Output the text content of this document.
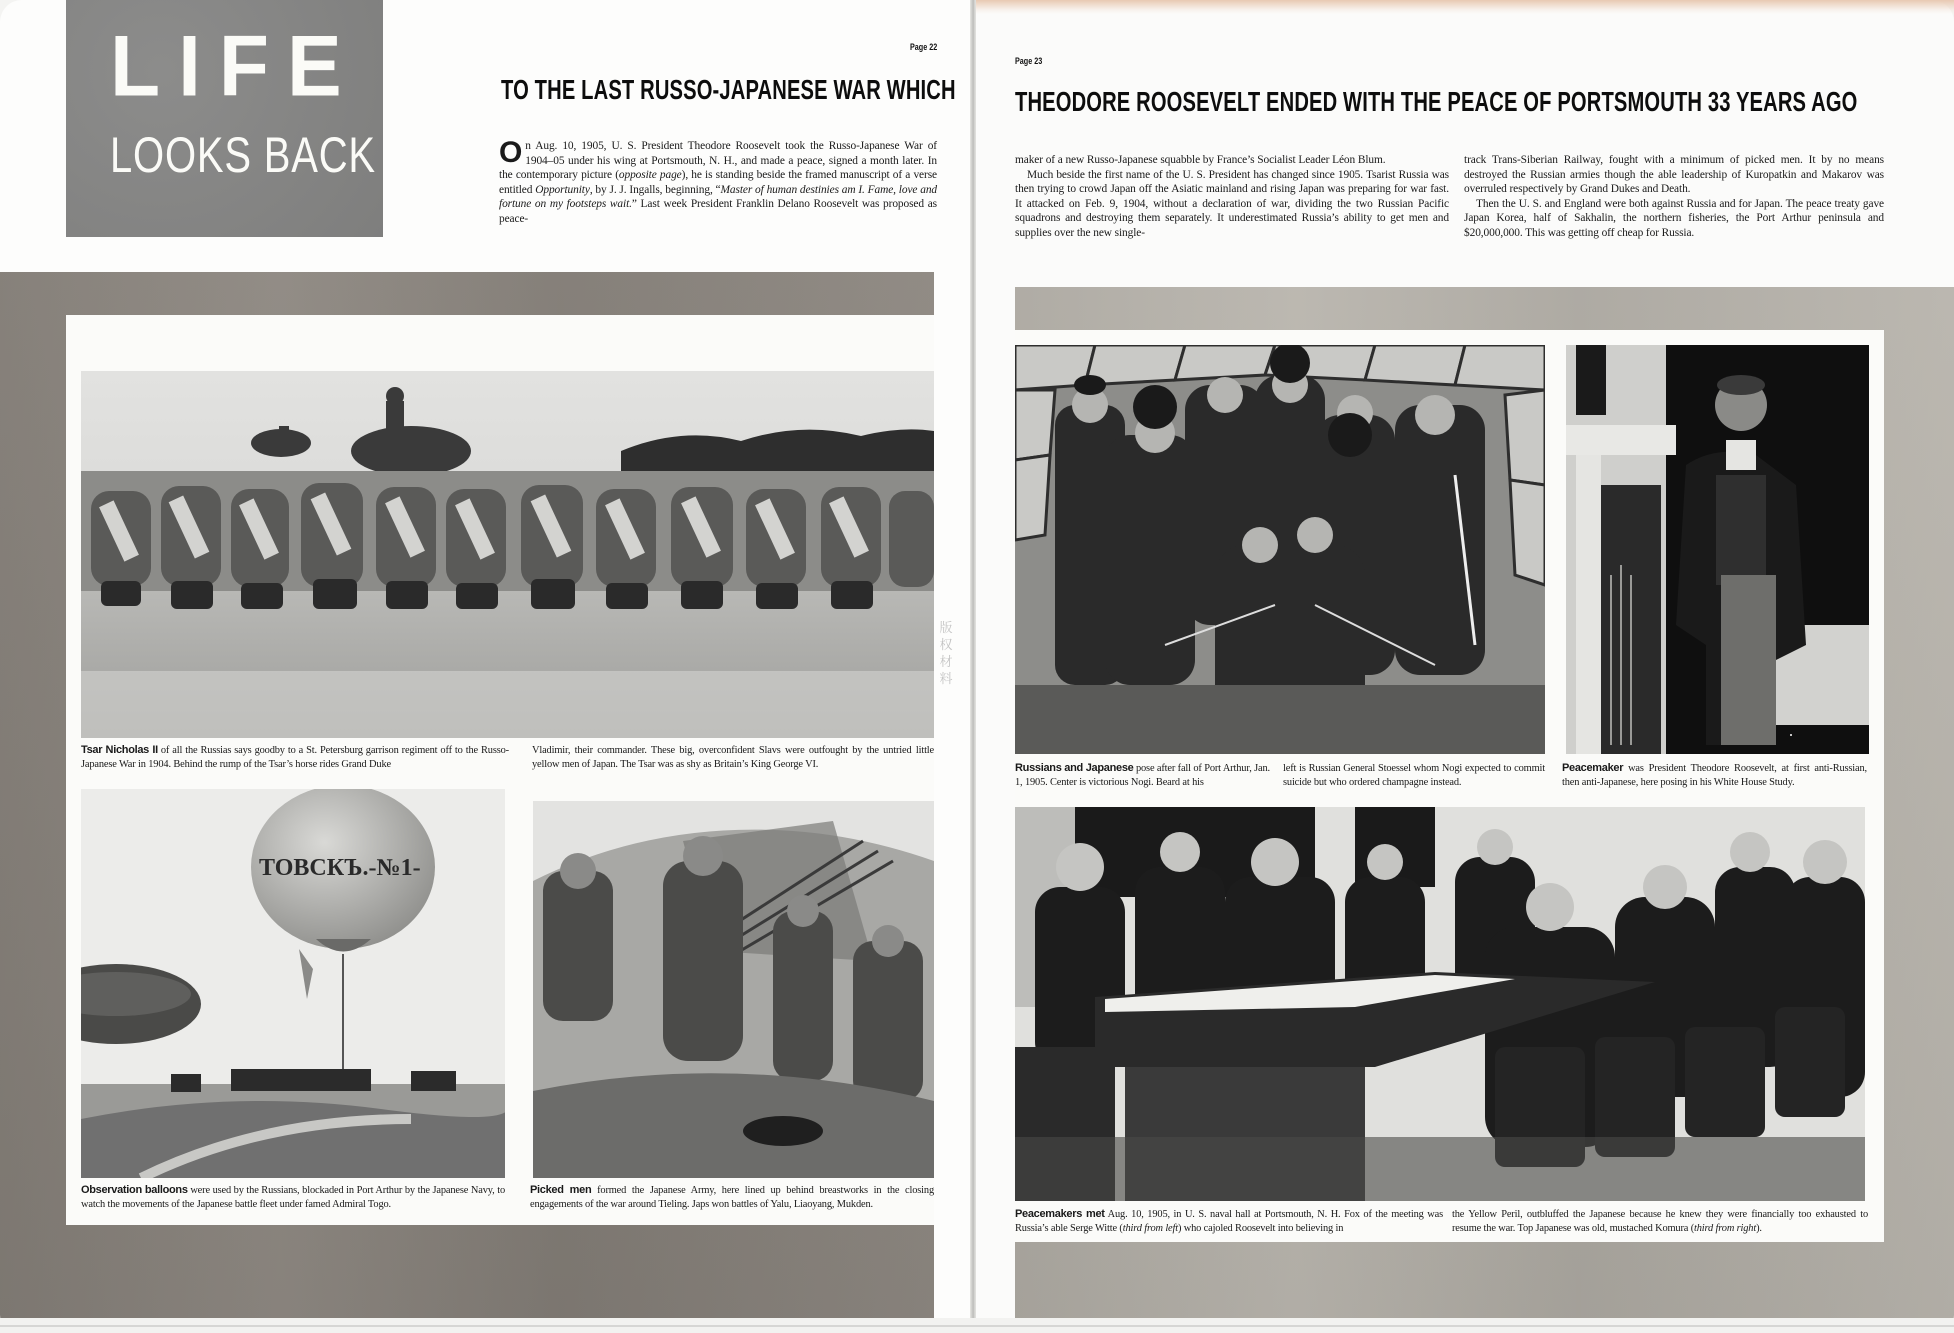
LIFE
LOOKS BACK
Page 22
TO THE LAST RUSSO-JAPANESE WAR WHICH

On Aug. 10, 1905, U. S. President Theodore Roosevelt took the Russo-Japanese War of 1904–05 under his wing at Portsmouth, N. H., and made a peace, signed a month later. In the contemporary picture (opposite page), he is standing beside the framed manuscript of a verse entitled Opportunity, by J. J. Ingalls, beginning, “Master of human destinies am I. Fame, love and fortune on my footsteps wait.” Last week President Franklin Delano Roosevelt was proposed as peace-

Tsar Nicholas II of all the Russias says goodby to a St. Petersburg garrison regiment off to the Russo-Japanese War in 1904. Behind the rump of the Tsar’s horse rides Grand Duke
Vladimir, their commander. These big, overconfident Slavs were outfought by the untried little yellow men of Japan. The Tsar was as shy as Britain’s King George VI.
ТОВСКЪ.-№1-
Observation balloons were used by the Russians, blockaded in Port Arthur by the Japanese Navy, to watch the movements of the Japanese battle fleet under famed Admiral Togo.
Picked men formed the Japanese Army, here lined up behind breastworks in the closing engagements of the war around Tieling. Japs won battles of Yalu, Liaoyang, Mukden.
版
权
材
料
Page 23
THEODORE ROOSEVELT ENDED WITH THE PEACE OF PORTSMOUTH 33 YEARS AGO

maker of a new Russo-Japanese squabble by France’s Socialist Leader Léon Blum.

Much beside the first name of the U. S. President has changed since 1905. Tsarist Russia was then trying to crowd Japan off the Asiatic mainland and rising Japan was preparing for war fast. It attacked on Feb. 9, 1904, without a declaration of war, dividing the two Russian Pacific squadrons and destroying them separately. It underestimated Russia’s ability to get men and supplies over the new single-

track Trans-Siberian Railway, fought with a minimum of picked men. It by no means destroyed the Russian armies though the able leadership of Kuropatkin and Makarov was overruled respectively by Grand Dukes and Death.

Then the U. S. and England were both against Russia and for Japan. The peace treaty gave Japan Korea, half of Sakhalin, the northern fisheries, the Port Arthur peninsula and $20,000,000. This was getting off cheap for Russia.

Russians and Japanese pose after fall of Port Arthur, Jan. 1, 1905. Center is victorious Nogi. Beard at his
left is Russian General Stoessel whom Nogi expected to commit suicide but who ordered champagne instead.
Peacemaker was President Theodore Roosevelt, at first anti-Russian, then anti-Japanese, here posing in his White House Study.
Peacemakers met Aug. 10, 1905, in U. S. naval hall at Portsmouth, N. H. Fox of the meeting was Russia’s able Serge Witte (third from left) who cajoled Roosevelt into believing in
the Yellow Peril, outbluffed the Japanese because he knew they were financially too exhausted to resume the war. Top Japanese was old, mustached Komura (third from right).
